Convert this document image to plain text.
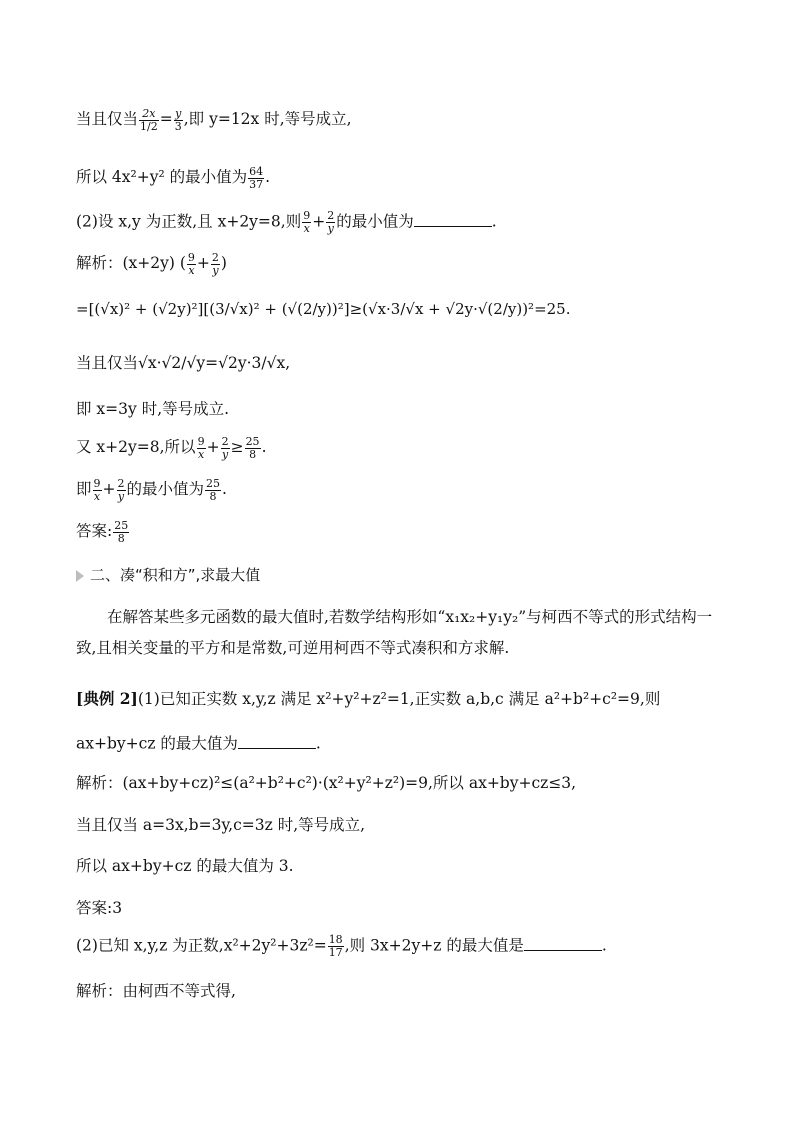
当且仅当 $\frac{2x}{1/2} = \frac{y}{3}$ ,即 y=12x 时,等号成立,
所以 4x²+y² 的最小值为 $\frac{64}{37}$ .
(2)设 x,y 为正数,且 x+2y=8,则 $\frac{9}{x} + \frac{2}{y}$ 的最小值为	.
解析：(x+2y) ( $\frac{9}{x} + \frac{2}{y}$ )
=[(√x)² + (√2y)²][(3/√x)² + (√(2/y))²]≥(√x·3/√x + √2y·√(2/y))²=25.
当且仅当√x·√2/√y=√2y·3/√x,
即 x=3y 时,等号成立.
又 x+2y=8,所以 $\frac{9}{x} + \frac{2}{y} \ge \frac{25}{8}$ .
即 $\frac{9}{x} + \frac{2}{y}$ 的最小值为 $\frac{25}{8}$ .
答案: $\frac{25}{8}$
二、凑“积和方”,求最大值
在解答某些多元函数的最大值时,若数学结构形如“x₁x₂+y₁y₂”与柯西不等式的形式结构一致,且相关变量的平方和是常数,可逆用柯西不等式凑积和方求解.
[典例 2](1)已知正实数 x,y,z 满足 x²+y²+z²=1,正实数 a,b,c 满足 a²+b²+c²=9,则
ax+by+cz 的最大值为	.
解析：(ax+by+cz)²≤(a²+b²+c²)·(x²+y²+z²)=9,所以 ax+by+cz≤3,
当且仅当 a=3x,b=3y,c=3z 时,等号成立,
所以 ax+by+cz 的最大值为 3.
答案:3
(2)已知 x,y,z 为正数$,x^2+2y^2+3z^2= \frac{18}{17}$ ,则 3x+2y+z 的最大值是	.
解析：由柯西不等式得,
